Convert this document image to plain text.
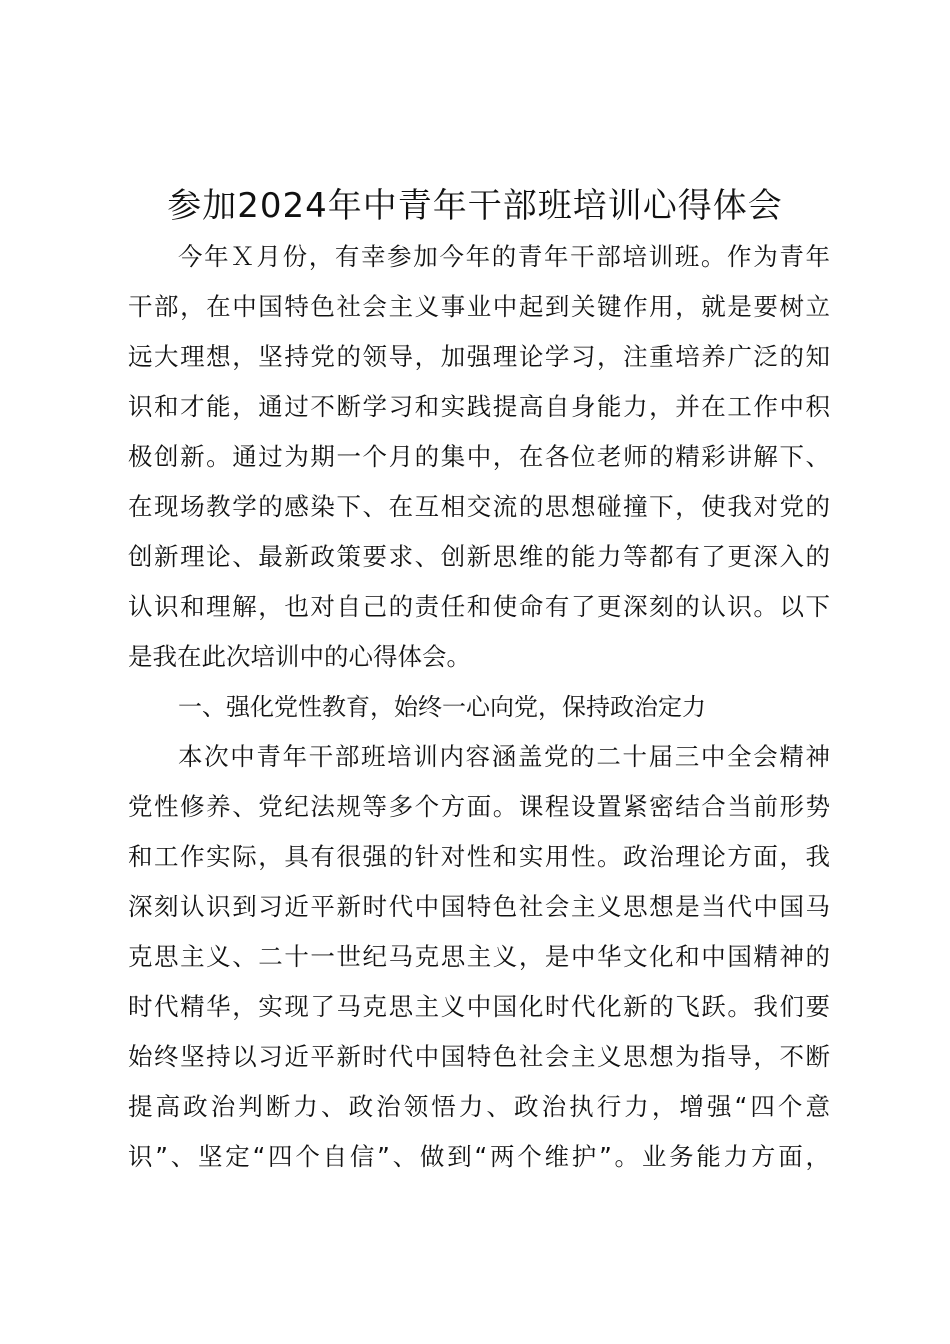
参加2024年中青年干部班培训心得体会

今年Ｘ月份，有幸参加今年的青年干部培训班。作为青年

干部，在中国特色社会主义事业中起到关键作用，就是要树立

远大理想，坚持党的领导，加强理论学习，注重培养广泛的知

识和才能，通过不断学习和实践提高自身能力，并在工作中积

极创新。通过为期一个月的集中，在各位老师的精彩讲解下、

在现场教学的感染下、在互相交流的思想碰撞下，使我对党的

创新理论、最新政策要求、创新思维的能力等都有了更深入的

认识和理解，也对自己的责任和使命有了更深刻的认识。以下

是我在此次培训中的心得体会。

一、强化党性教育，始终一心向党，保持政治定力

本次中青年干部班培训内容涵盖党的二十届三中全会精神

党性修养、党纪法规等多个方面。课程设置紧密结合当前形势

和工作实际，具有很强的针对性和实用性。政治理论方面，我

深刻认识到习近平新时代中国特色社会主义思想是当代中国马

克思主义、二十一世纪马克思主义，是中华文化和中国精神的

时代精华，实现了马克思主义中国化时代化新的飞跃。我们要

始终坚持以习近平新时代中国特色社会主义思想为指导，不断

提高政治判断力、政治领悟力、政治执行力，增强“四个意

识”、坚定“四个自信”、做到“两个维护”。业务能力方面，
